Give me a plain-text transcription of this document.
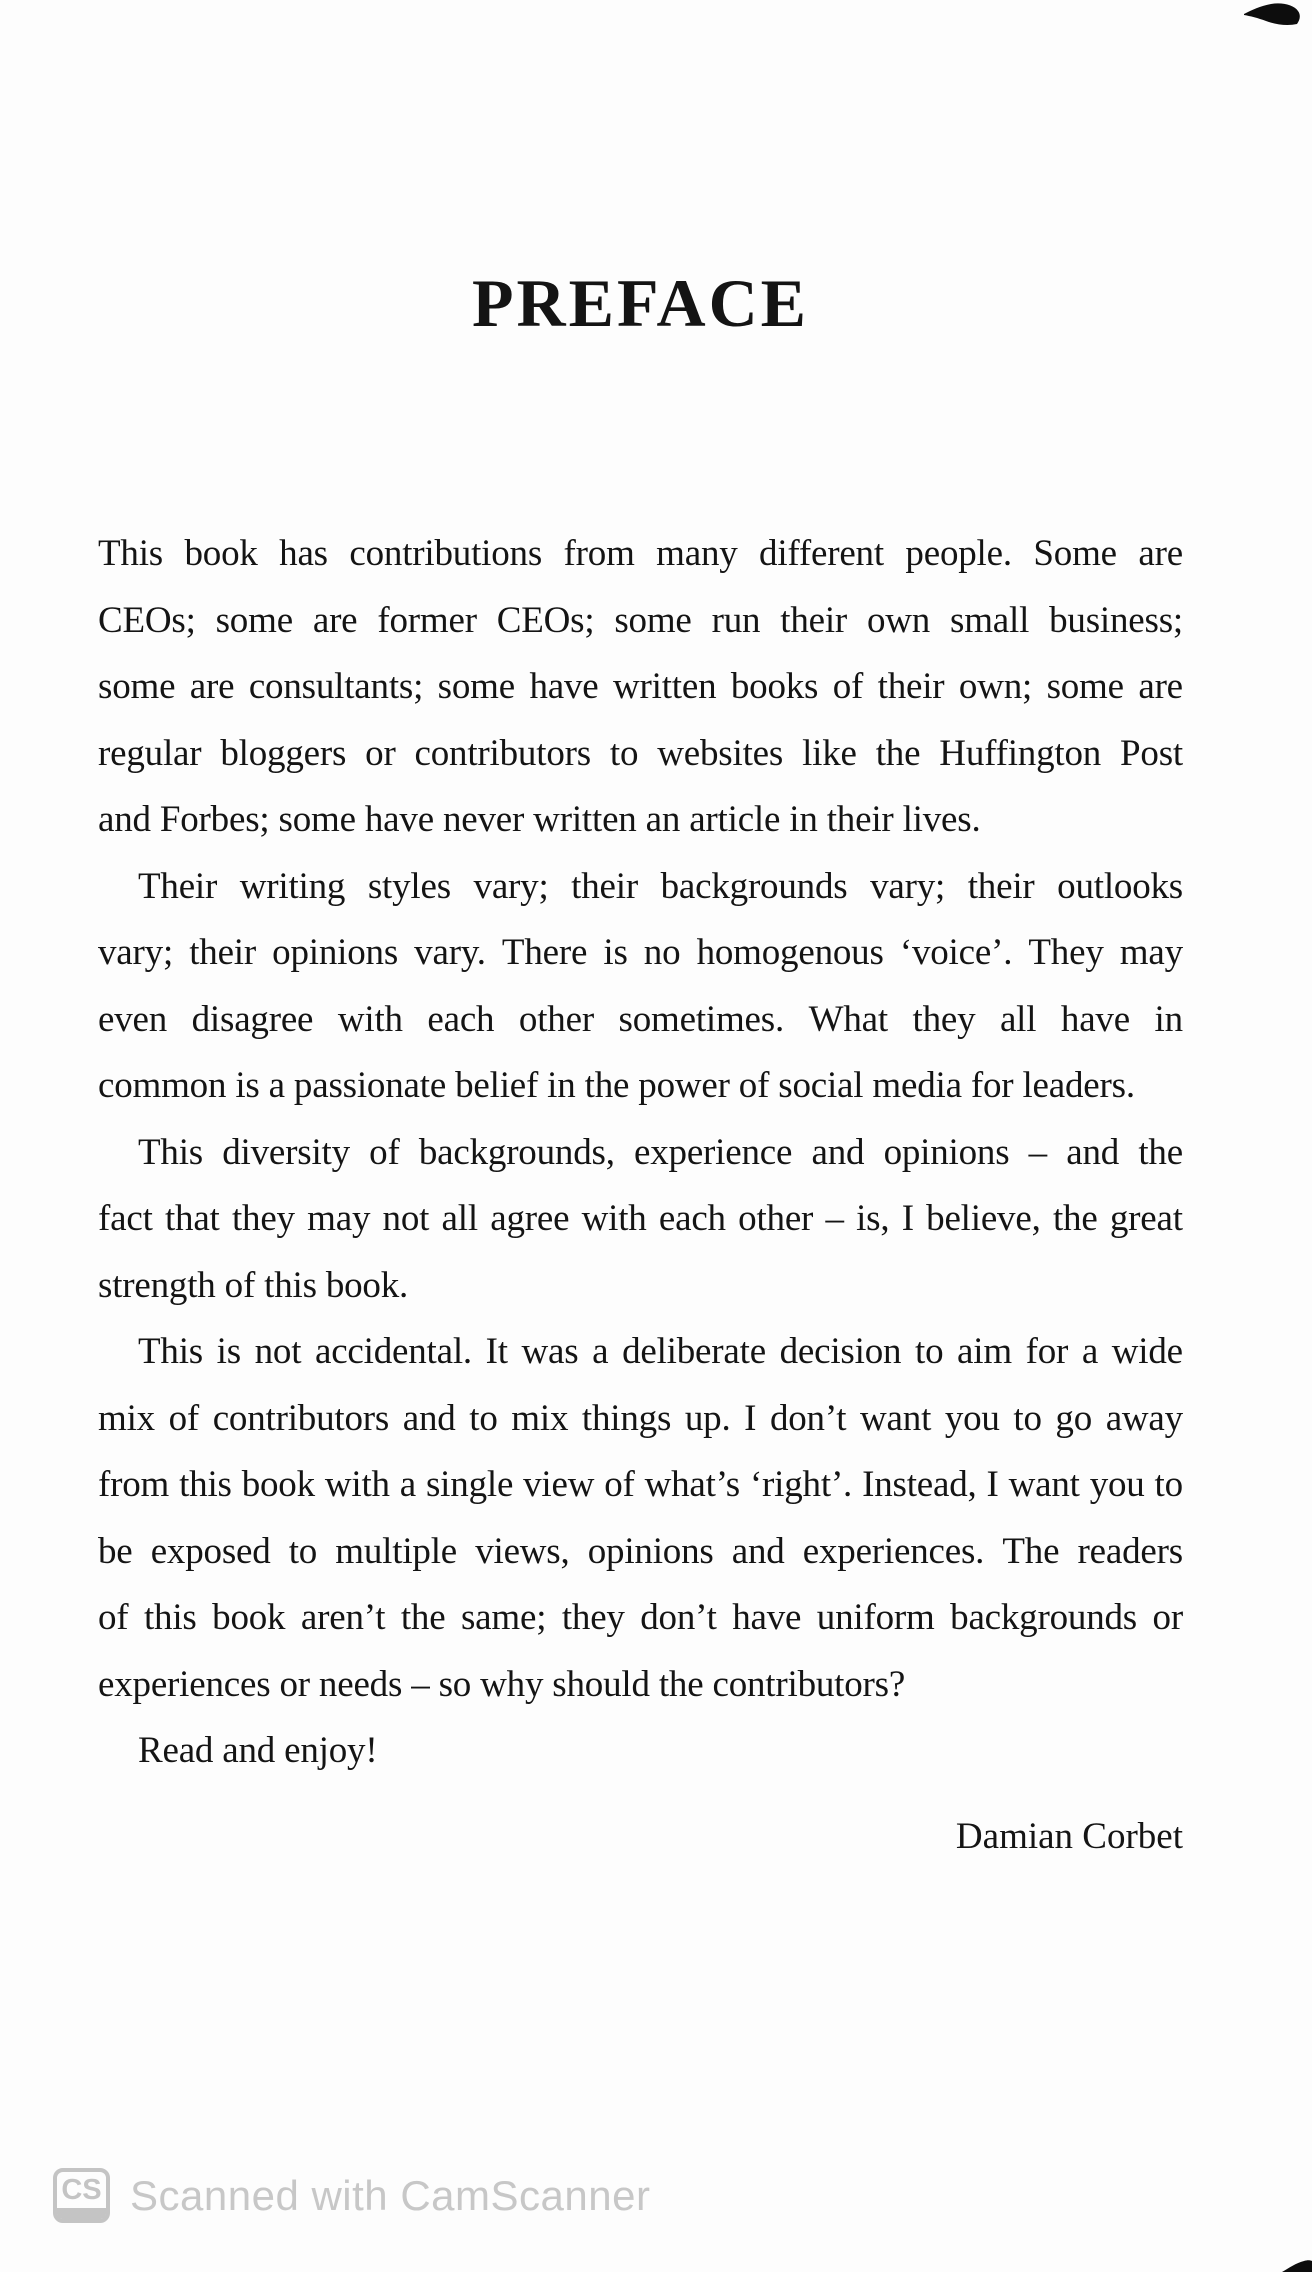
PREFACE
This book has contributions from many different people. Some are
CEOs; some are former CEOs; some run their own small business;
some are consultants; some have written books of their own; some are
regular bloggers or contributors to websites like the Huffington Post
and Forbes; some have never written an article in their lives.
Their writing styles vary; their backgrounds vary; their outlooks
vary; their opinions vary. There is no homogenous ‘voice’. They may
even disagree with each other sometimes. What they all have in
common is a passionate belief in the power of social media for leaders.
This diversity of backgrounds, experience and opinions – and the
fact that they may not all agree with each other – is, I believe, the great
strength of this book.
This is not accidental. It was a deliberate decision to aim for a wide
mix of contributors and to mix things up. I don’t want you to go away
from this book with a single view of what’s ‘right’. Instead, I want you to
be exposed to multiple views, opinions and experiences. The readers
of this book aren’t the same; they don’t have uniform backgrounds or
experiences or needs – so why should the contributors?
Read and enjoy!
Damian Corbet
CS Scanned with CamScanner
